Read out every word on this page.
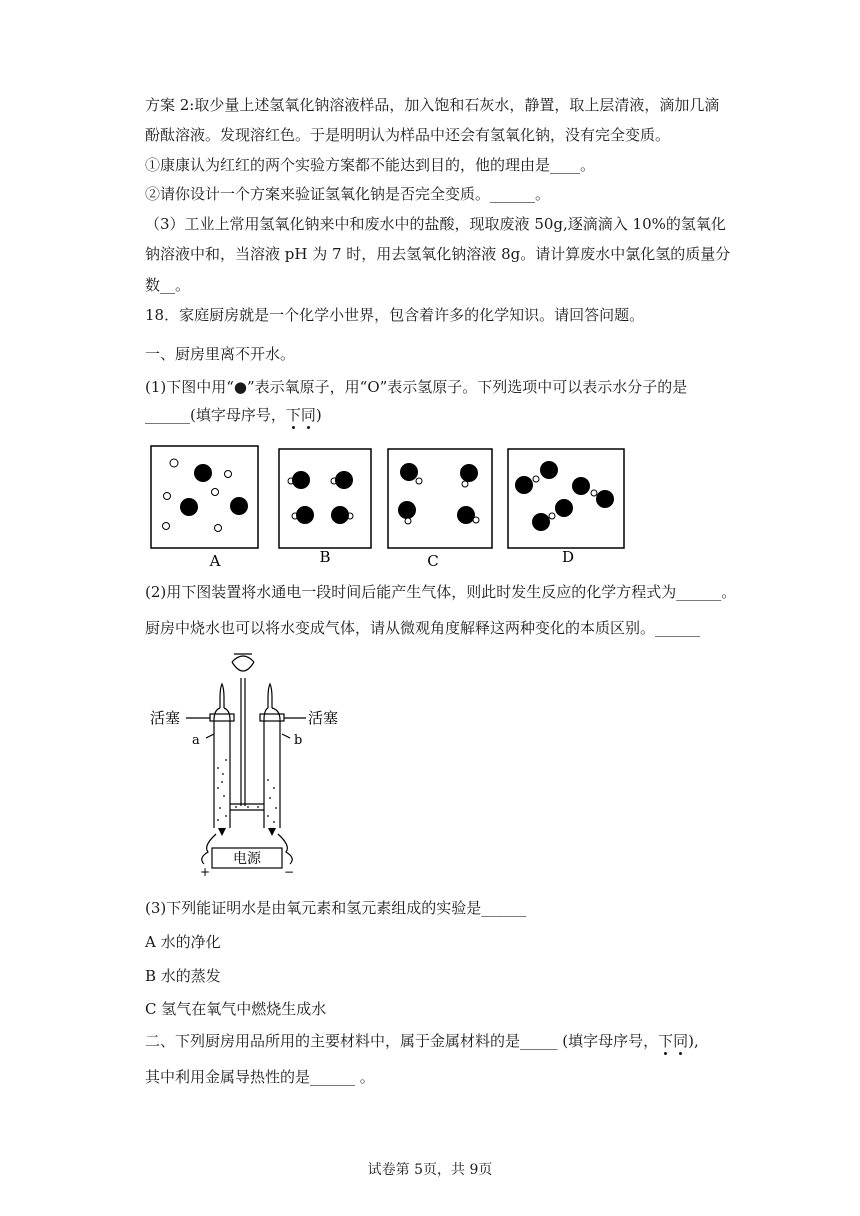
方案 2:取少量上述氢氧化钠溶液样品，加入饱和石灰水，静置，取上层清液，滴加几滴
酚酞溶液。发现溶红色。于是明明认为样品中还会有氢氧化钠，没有完全变质。
①康康认为红红的两个实验方案都不能达到目的，他的理由是____。
②请你设计一个方案来验证氢氧化钠是否完全变质。______。
（3）工业上常用氢氧化钠来中和废水中的盐酸，现取废液 50g,逐滴滴入 10%的氢氧化
钠溶液中和，当溶液 pH 为 7 时，用去氢氧化钠溶液 8g。请计算废水中氯化氢的质量分
数__。
18．家庭厨房就是一个化学小世界，包含着许多的化学知识。请回答问题。
一、厨房里离不开水。
(1)下图中用“●”表示氧原子，用“O”表示氢原子。下列选项中可以表示水分子的是
______(填字母序号，下同)
A	B	C	D
(2)用下图装置将水通电一段时间后能产生气体，则此时发生反应的化学方程式为______。
厨房中烧水也可以将水变成气体，请从微观角度解释这两种变化的本质区别。______
活塞	活塞
a	b
电源
+	−
(3)下列能证明水是由氧元素和氢元素组成的实验是______
A 水的净化
B 水的蒸发
C 氢气在氧气中燃烧生成水
二、下列厨房用品所用的主要材料中，属于金属材料的是_____ (填字母序号，下同),
其中利用金属导热性的是______ 。
试卷第 5页，共 9页
